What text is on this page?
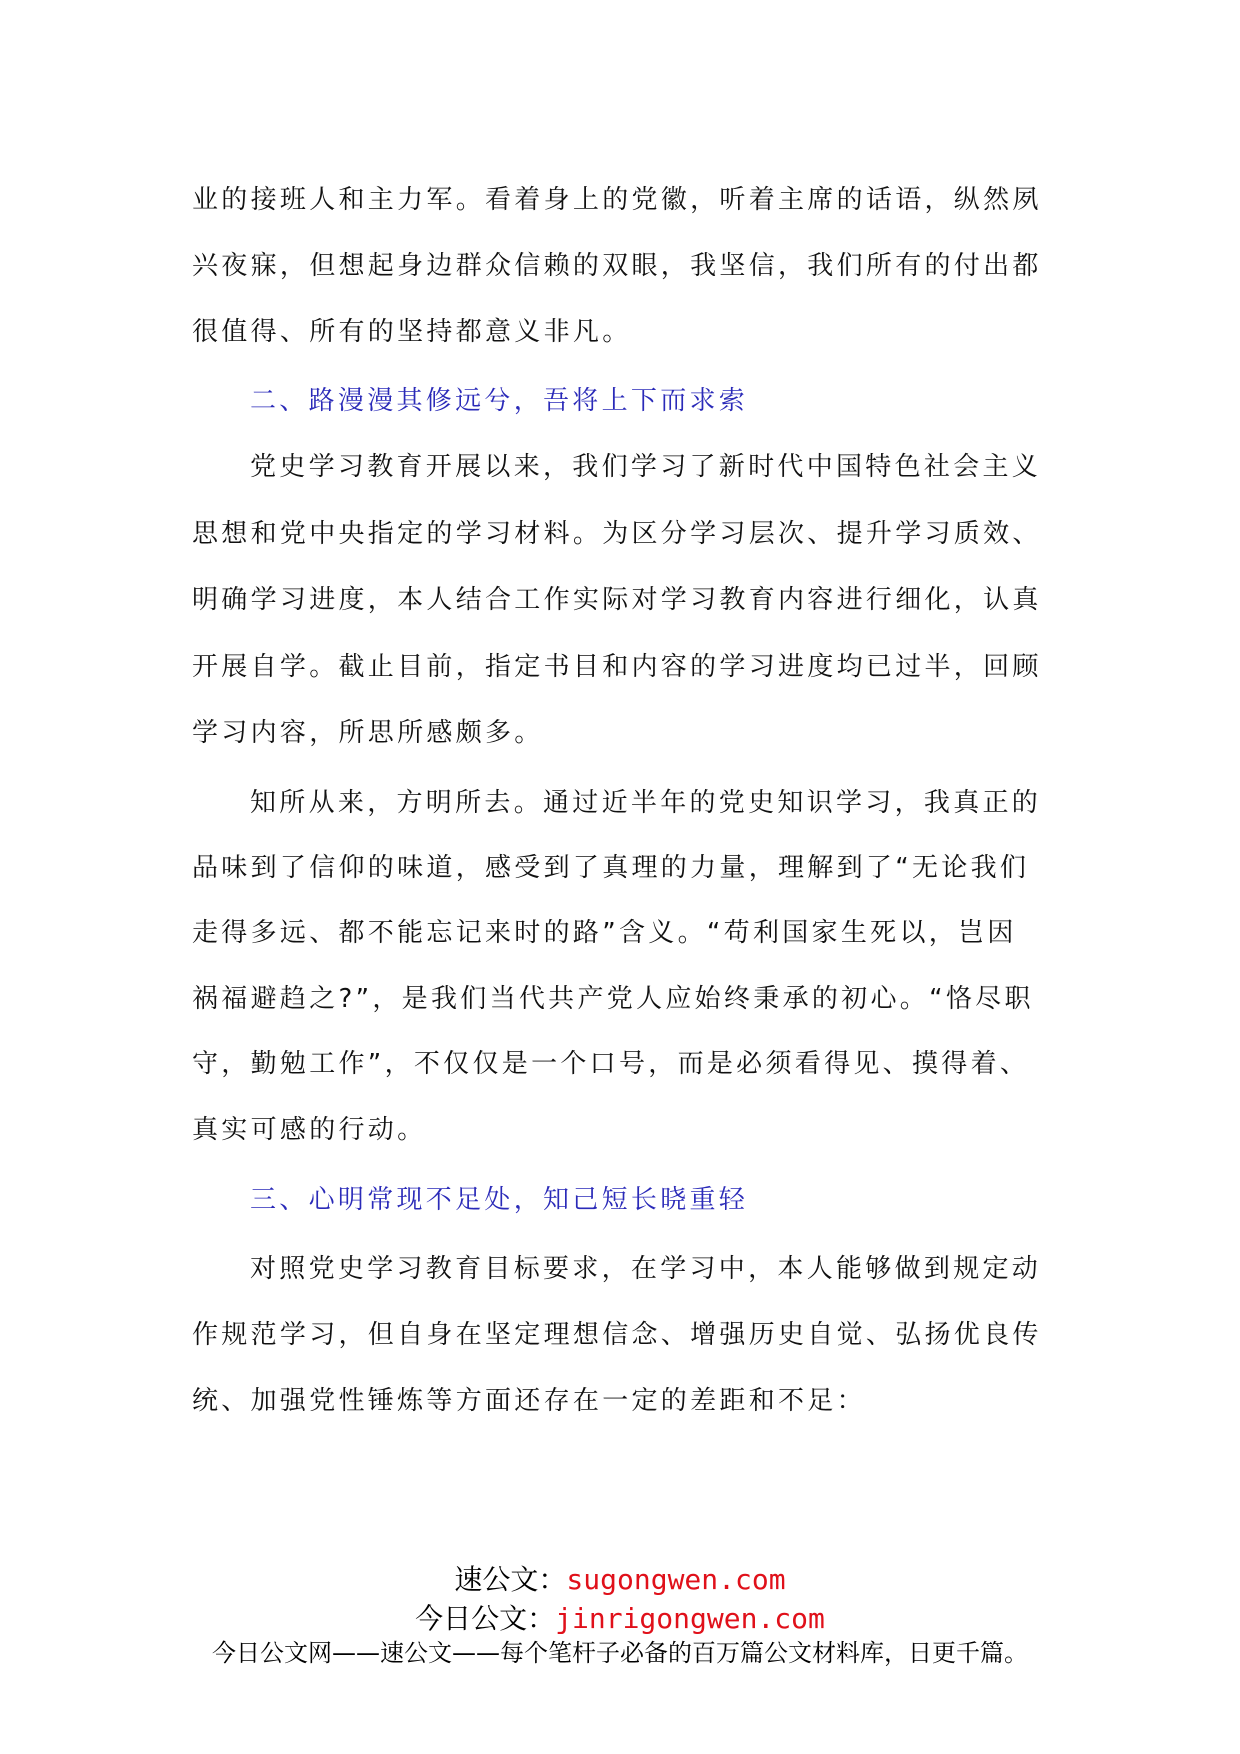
业的接班人和主力军。看着身上的党徽，听着主席的话语，纵然夙
兴夜寐，但想起身边群众信赖的双眼，我坚信，我们所有的付出都
很值得、所有的坚持都意义非凡。
二、路漫漫其修远兮，吾将上下而求索
党史学习教育开展以来，我们学习了新时代中国特色社会主义
思想和党中央指定的学习材料。为区分学习层次、提升学习质效、
明确学习进度，本人结合工作实际对学习教育内容进行细化，认真
开展自学。截止目前，指定书目和内容的学习进度均已过半，回顾
学习内容，所思所感颇多。
知所从来，方明所去。通过近半年的党史知识学习，我真正的
品味到了信仰的味道，感受到了真理的力量，理解到了“无论我们
走得多远、都不能忘记来时的路”含义。“苟利国家生死以，岂因
祸福避趋之?”，是我们当代共产党人应始终秉承的初心。“恪尽职
守，勤勉工作”，不仅仅是一个口号，而是必须看得见、摸得着、
真实可感的行动。
三、心明常现不足处，知己短长晓重轻
对照党史学习教育目标要求，在学习中，本人能够做到规定动
作规范学习，但自身在坚定理想信念、增强历史自觉、弘扬优良传
统、加强党性锤炼等方面还存在一定的差距和不足：
速公文：sugongwen.com
今日公文：jinrigongwen.com
今日公文网——速公文——每个笔杆子必备的百万篇公文材料库，日更千篇。
